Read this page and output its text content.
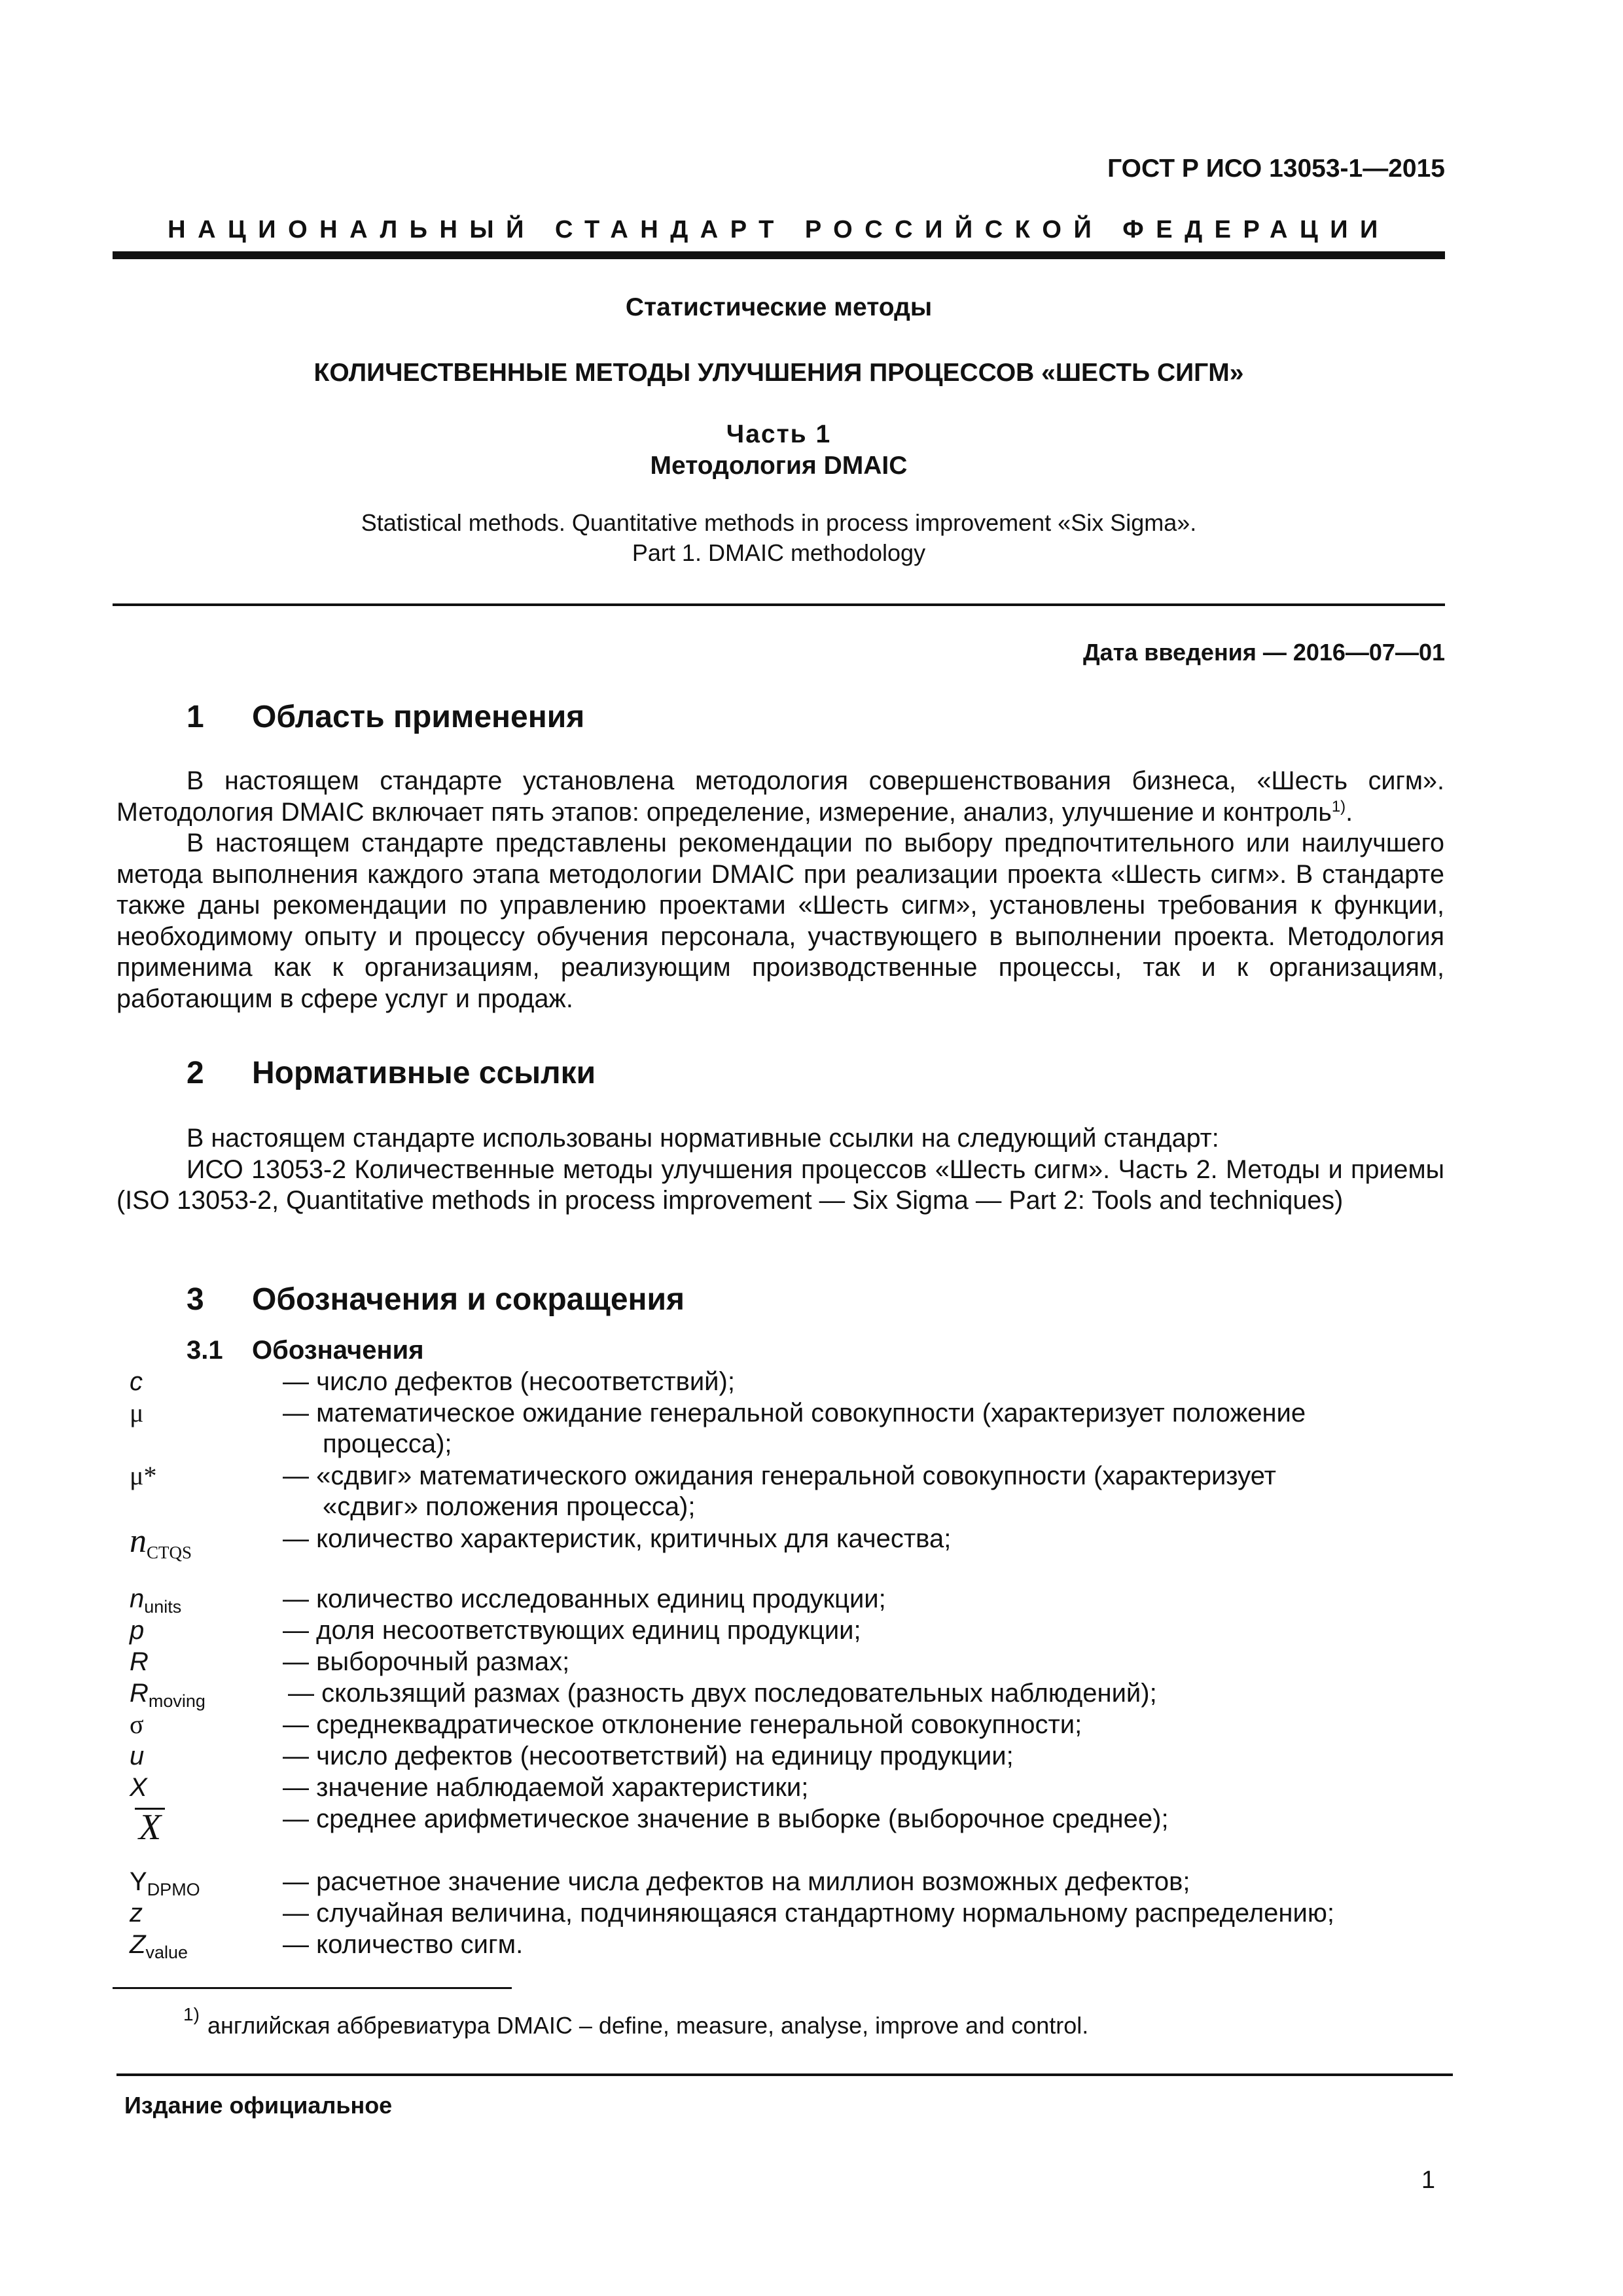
ГОСТ Р ИСО 13053-1—2015
НАЦИОНАЛЬНЫЙ СТАНДАРТ РОССИЙСКОЙ ФЕДЕРАЦИИ
Статистические методы
КОЛИЧЕСТВЕННЫЕ МЕТОДЫ УЛУЧШЕНИЯ ПРОЦЕССОВ «ШЕСТЬ СИГМ»
Часть 1
Методология DMAIC
Statistical methods. Quantitative methods in process improvement «Six Sigma».
Part 1. DMAIC methodology
Дата введения — 2016—07—01
1 Область применения

В настоящем стандарте установлена методология совершенствования бизнеса, «Шесть сигм». Методология DMAIC включает пять этапов: определение, измерение, анализ, улучшение и контроль$^{1)}$.

В настоящем стандарте представлены рекомендации по выбору предпочтительного или наилучшего метода выполнения каждого этапа методологии DMAIC при реализации проекта «Шесть сигм». В стандарте также даны рекомендации по управлению проектами «Шесть сигм», установлены требования к функции, необходимому опыту и процессу обучения персонала, участвующего в выполнении проекта. Методология применима как к организациям, реализующим производственные процессы, так и к организациям, работающим в сфере услуг и продаж.

2 Нормативные ссылки

В настоящем стандарте использованы нормативные ссылки на следующий стандарт:

ИСО 13053-2 Количественные методы улучшения процессов «Шесть сигм». Часть 2. Методы и приемы (ISO 13053-2, Quantitative methods in process improvement — Six Sigma — Part 2: Tools and techniques)

3 Обозначения и сокращения
3.1 Обозначения
c	— число дефектов (несоответствий);
μ	— математическое ожидание генеральной совокупности (характеризует положение
процесса);
μ*	— «сдвиг» математического ожидания генеральной совокупности (характеризует
«сдвиг» положения процесса);
$n_{CTQS}$	— количество характеристик, критичных для качества;
$n_{units}$	— количество исследованных единиц продукции;
p	— доля несоответствующих единиц продукции;
R	— выборочный размах;
$R_{moving}$	— скользящий размах (разность двух последовательных наблюдений);
σ	— среднеквадратическое отклонение генеральной совокупности;
u	— число дефектов (несоответствий) на единицу продукции;
X	— значение наблюдаемой характеристики;
X	— среднее арифметическое значение в выборке (выборочное среднее);
$Y_{DPMO}$	— расчетное значение числа дефектов на миллион возможных дефектов;
z	— случайная величина, подчиняющаяся стандартному нормальному распределению;
$Z_{value}$	— количество сигм.
1) английская аббревиатура DMAIC – define, measure, analyse, improve and control.
Издание официальное
1
